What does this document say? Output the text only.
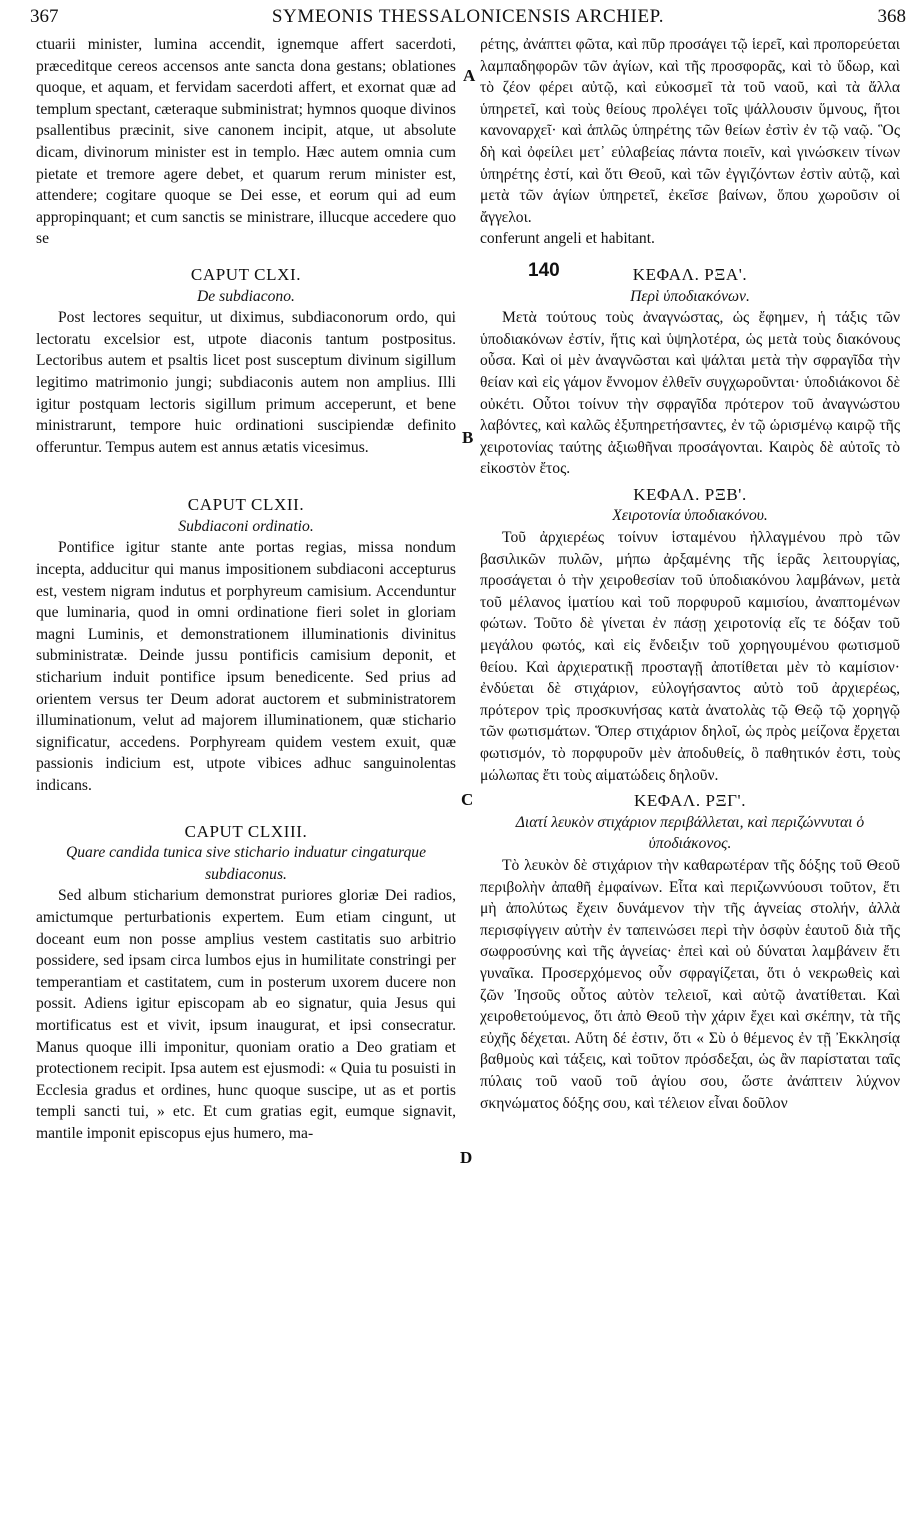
367	SYMEONIS THESSALONICENSIS ARCHIEP.	368

ctuarii minister, lumina accendit, ignemque affert sacerdoti, præceditque cereos accensos ante sancta dona gestans; oblationes quoque, et aquam, et fervidam sacerdoti affert, et exornat quæ ad templum spectant, cæteraque subministrat; hymnos quoque divinos psallentibus præcinit, sive canonem incipit, atque, ut absolute dicam, divinorum minister est in templo. Hæc autem omnia cum pietate et tremore agere debet, et quarum rerum minister est, attendere; cogitare quoque se Dei esse, et eorum qui ad eum appropinquant; et cum sanctis se ministrare, illucque accedere quo se

CAPUT CLXI.
De subdiacono.

Post lectores sequitur, ut diximus, subdiaconorum ordo, qui lectoratu excelsior est, utpote diaconis tantum postpositus. Lectoribus autem et psaltis licet post susceptum divinum sigillum legitimo matrimonio jungi; subdiaconis autem non amplius. Illi igitur postquam lectoris sigillum primum acceperunt, et bene ministrarunt, tempore huic ordinationi suscipiendæ definito offeruntur. Tempus autem est annus ætatis vicesimus.

CAPUT CLXII.
Subdiaconi ordinatio.

Pontifice igitur stante ante portas regias, missa nondum incepta, adducitur qui manus impositionem subdiaconi accepturus est, vestem nigram indutus et porphyreum camisium. Accenduntur que luminaria, quod in omni ordinatione fieri solet in gloriam magni Luminis, et demonstrationem illuminationis divinitus subministratæ. Deinde jussu pontificis camisium deponit, et sticharium induit pontifice ipsum benedicente. Sed prius ad orientem versus ter Deum adorat auctorem et subministratorem illuminationum, velut ad majorem illuminationem, quæ stichario significatur, accedens. Porphyream quidem vestem exuit, quæ passionis indicium est, utpote vibices adhuc sanguinolentas indicans.

CAPUT CLXIII.
Quare candida tunica sive stichario induatur cingaturque subdiaconus.

Sed album sticharium demonstrat puriores gloriæ Dei radios, amictumque perturbationis expertem. Eum etiam cingunt, ut doceant eum non posse amplius vestem castitatis suo arbitrio possidere, sed ipsam circa lumbos ejus in humilitate constringi per temperantiam et castitatem, cum in posterum uxorem ducere non possit. Adiens igitur episcopam ab eo signatur, quia Jesus qui mortificatus est et vivit, ipsum inaugurat, et ipsi consecratur. Manus quoque illi imponitur, quoniam oratio a Deo gratiam et protectionem recipit. Ipsa autem est ejusmodi: « Quia tu posuisti in Ecclesia gradus et ordines, hunc quoque suscipe, ut as et portis templi sancti tui, » etc. Et cum gratias egit, eumque signavit, mantile imponit episcopus ejus humero, ma-

ρέτης, ἀνάπτει φῶτα, καὶ πῦρ προσάγει τῷ ἱερεῖ, καὶ προπορεύεται λαμπαδηφορῶν τῶν ἁγίων, καὶ τῆς προσφορᾶς, καὶ τὸ ὕδωρ, καὶ τὸ ζέον φέρει αὐτῷ, καὶ εὐκοσμεῖ τὰ τοῦ ναοῦ, καὶ τὰ ἄλλα ὑπηρετεῖ, καὶ τοὺς θείους προλέγει τοῖς ψάλλουσιν ὕμνους, ἤτοι κανοναρχεῖ· καὶ ἁπλῶς ὑπηρέτης τῶν θείων ἐστὶν ἐν τῷ ναῷ. Ὃς δὴ καὶ ὀφείλει μετ᾽ εὐλαβείας πάντα ποιεῖν, καὶ γινώσκειν τίνων ὑπηρέτης ἐστί, καὶ ὅτι Θεοῦ, καὶ τῶν ἐγγιζόντων ἐστὶν αὐτῷ, καὶ μετὰ τῶν ἁγίων ὑπηρετεῖ, ἐκεῖσε βαίνων, ὅπου χωροῦσιν οἱ ἄγγελοι.

conferunt angeli et habitant.

ΚΕΦΑΛ. ΡΞΑ'.
Περὶ ὑποδιακόνων.

Μετὰ τούτους τοὺς ἀναγνώστας, ὡς ἔφημεν, ἡ τάξις τῶν ὑποδιακόνων ἐστίν, ἥτις καὶ ὑψηλοτέρα, ὡς μετὰ τοὺς διακόνους οὖσα. Καὶ οἱ μὲν ἀναγνῶσται καὶ ψάλται μετὰ τὴν σφραγῖδα τὴν θείαν καὶ εἰς γάμον ἔννομον ἐλθεῖν συγχωροῦνται· ὑποδιάκονοι δὲ οὐκέτι. Οὗτοι τοίνυν τὴν σφραγῖδα πρότερον τοῦ ἀναγνώστου λαβόντες, καὶ καλῶς ἐξυπηρετήσαντες, ἐν τῷ ὡρισμένῳ καιρῷ τῆς χειροτονίας ταύτης ἀξιωθῆναι προσάγονται. Καιρὸς δὲ αὐτοῖς τὸ εἰκοστὸν ἔτος.

ΚΕΦΑΛ. ΡΞΒ'.
Χειροτονία ὑποδιακόνου.

Τοῦ ἀρχιερέως τοίνυν ἱσταμένου ἠλλαγμένου πρὸ τῶν βασιλικῶν πυλῶν, μήπω ἀρξαμένης τῆς ἱερᾶς λειτουργίας, προσάγεται ὁ τὴν χειροθεσίαν τοῦ ὑποδιακόνου λαμβάνων, μετὰ τοῦ μέλανος ἱματίου καὶ τοῦ πορφυροῦ καμισίου, ἀναπτομένων φώτων. Τοῦτο δὲ γίνεται ἐν πάσῃ χειροτονίᾳ εἴς τε δόξαν τοῦ μεγάλου φωτός, καὶ εἰς ἔνδειξιν τοῦ χορηγουμένου φωτισμοῦ θείου. Καὶ ἀρχιερατικῇ προσταγῇ ἀποτίθεται μὲν τὸ καμίσιον· ἐνδύεται δὲ στιχάριον, εὐλογήσαντος αὐτὸ τοῦ ἀρχιερέως, πρότερον τρὶς προσκυνήσας κατὰ ἀνατολὰς τῷ Θεῷ τῷ χορηγῷ τῶν φωτισμάτων. Ὅπερ στιχάριον δηλοῖ, ὡς πρὸς μείζονα ἔρχεται φωτισμόν, τὸ πορφυροῦν μὲν ἀποδυθείς, ὃ παθητικόν ἐστι, τοὺς μώλωπας ἔτι τοὺς αἱματώδεις δηλοῦν.

ΚΕΦΑΛ. ΡΞΓ'.
Διατί λευκὸν στιχάριον περιβάλλεται, καὶ περιζώννυται ὁ ὑποδιάκονος.

Τὸ λευκὸν δὲ στιχάριον τὴν καθαρωτέραν τῆς δόξης τοῦ Θεοῦ περιβολὴν ἀπαθῆ ἐμφαίνων. Εἶτα καὶ περιζωννύουσι τοῦτον, ἔτι μὴ ἀπολύτως ἔχειν δυνάμενον τὴν τῆς ἁγνείας στολήν, ἀλλὰ περισφίγγειν αὐτὴν ἐν ταπεινώσει περὶ τὴν ὀσφὺν ἑαυτοῦ διὰ τῆς σωφροσύνης καὶ τῆς ἁγνείας· ἐπεὶ καὶ οὐ δύναται λαμβάνειν ἔτι γυναῖκα. Προσερχόμενος οὖν σφραγίζεται, ὅτι ὁ νεκρωθεὶς καὶ ζῶν Ἰησοῦς οὗτος αὐτὸν τελειοῖ, καὶ αὐτῷ ἀνατίθεται. Καὶ χειροθετούμενος, ὅτι ἀπὸ Θεοῦ τὴν χάριν ἔχει καὶ σκέπην, τὰ τῆς εὐχῆς δέχεται. Αὕτη δέ ἐστιν, ὅτι « Σὺ ὁ θέμενος ἐν τῇ Ἐκκλησίᾳ βαθμοὺς καὶ τάξεις, καὶ τοῦτον πρόσδεξαι, ὡς ἂν παρίσταται ταῖς πύλαις τοῦ ναοῦ τοῦ ἁγίου σου, ὥστε ἀνάπτειν λύχνον σκηνώματος δόξης σου, καὶ τέλειον εἶναι δοῦλον

A
B
C
D
140
